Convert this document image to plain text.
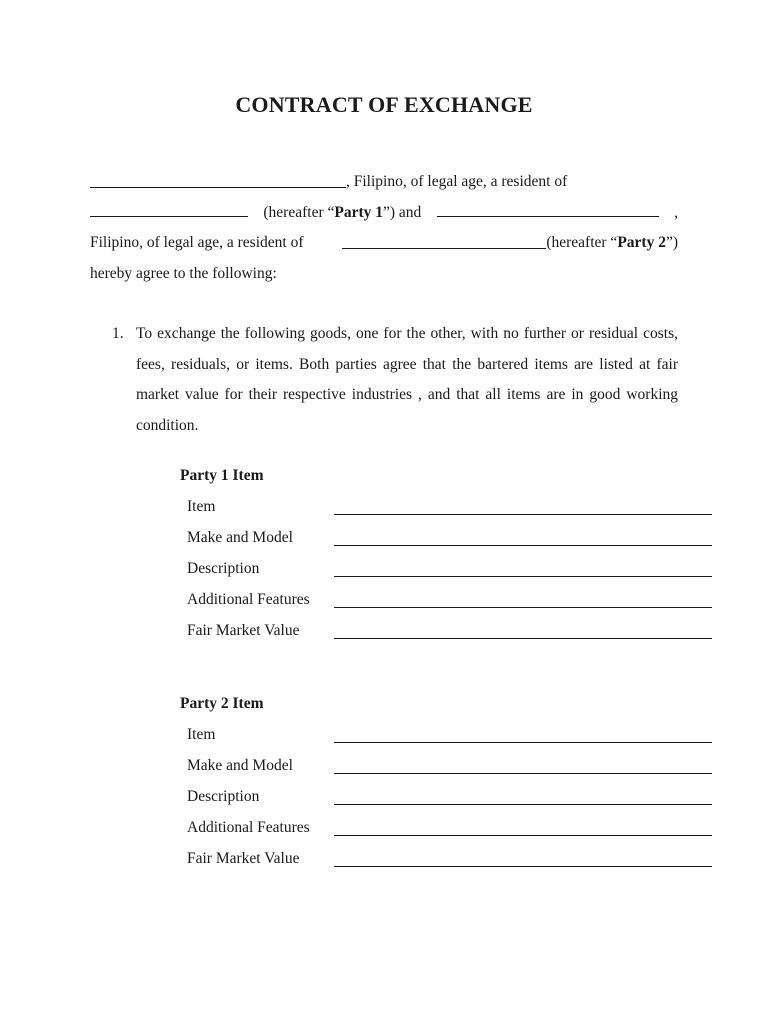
CONTRACT OF EXCHANGE
, Filipino, of legal age, a resident of
(hereafter “Party 1”) and	,
Filipino, of legal age, a resident of	(hereafter “Party 2”)
hereby agree to the following:
1. To exchange the following goods, one for the other, with no further or residual costs, fees, residuals, or items. Both parties agree that the bartered items are listed at fair market value for their respective industries , and that all items are in good working condition.
Party 1 Item
Item
Make and Model
Description
Additional Features
Fair Market Value
Party 2 Item
Item
Make and Model
Description
Additional Features
Fair Market Value
